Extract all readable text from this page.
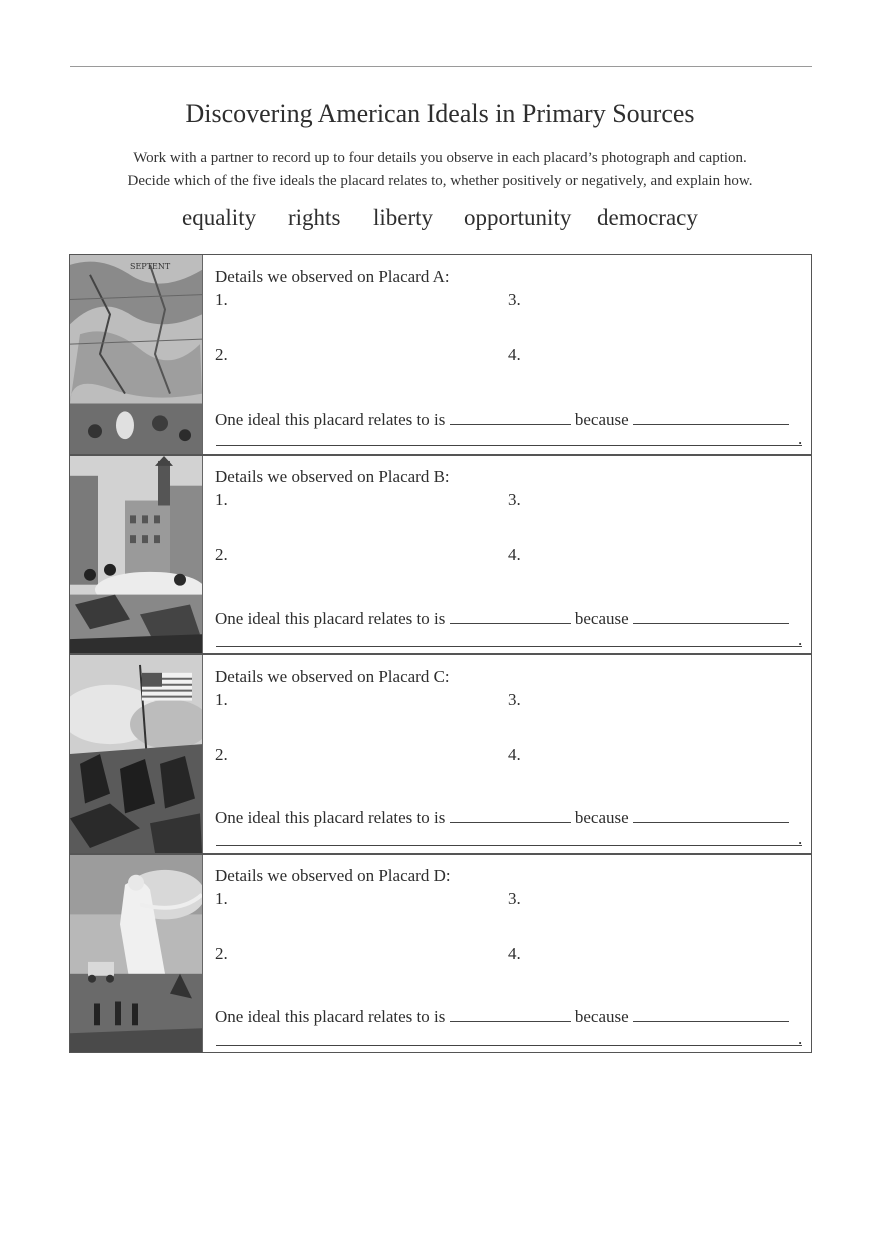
Discovering American Ideals in Primary Sources
Work with a partner to record up to four details you observe in each placard’s photograph and caption.
Decide which of the five ideals the placard relates to, whether positively or negatively, and explain how.
equality rights liberty opportunity democracy
SEPTENT
Details we observed on Placard A:
1.	3.
2.	4.
One ideal this placard relates to is	because
.
Details we observed on Placard B:
1.	3.
2.	4.
One ideal this placard relates to is	because
.
Details we observed on Placard C:
1.	3.
2.	4.
One ideal this placard relates to is	because
.
Details we observed on Placard D:
1.	3.
2.	4.
One ideal this placard relates to is	because
.
